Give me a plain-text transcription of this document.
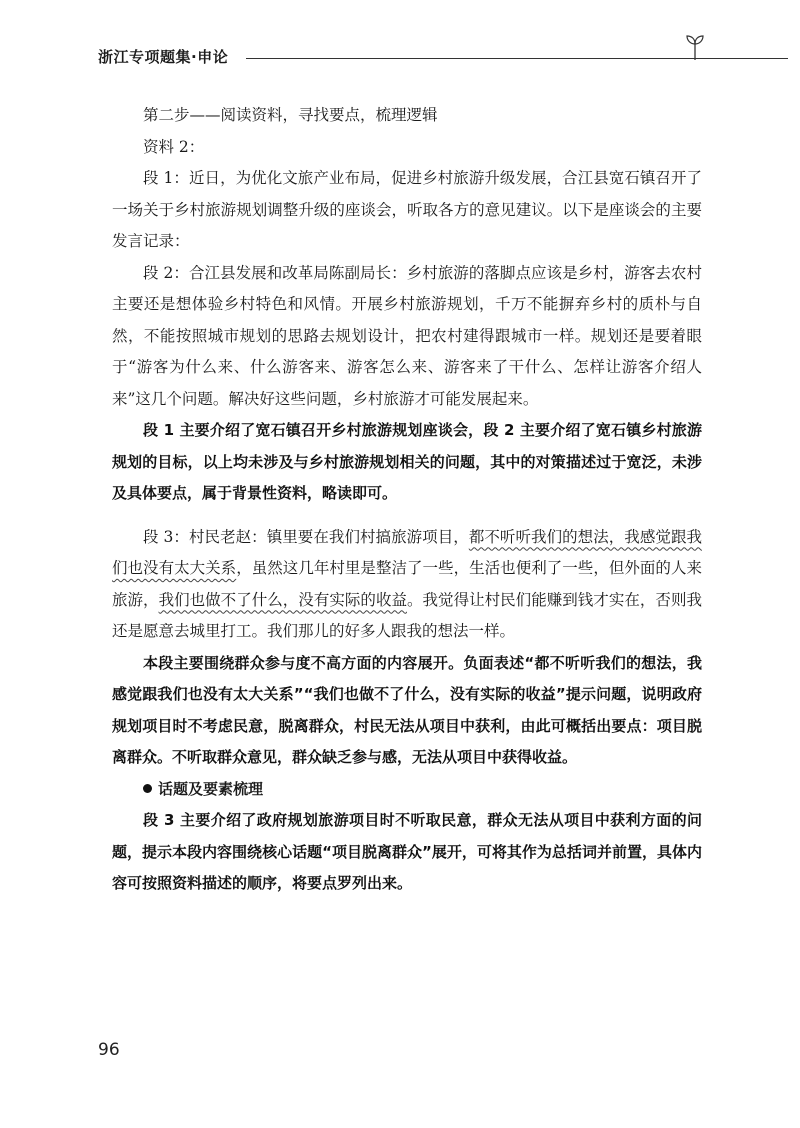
浙江专项题集·申论

第二步——阅读资料，寻找要点，梳理逻辑

资料 2：

段 1：近日，为优化文旅产业布局，促进乡村旅游升级发展，合江县宽石镇召开了一场关于乡村旅游规划调整升级的座谈会，听取各方的意见建议。以下是座谈会的主要发言记录：

段 2：合江县发展和改革局陈副局长：乡村旅游的落脚点应该是乡村，游客去农村主要还是想体验乡村特色和风情。开展乡村旅游规划，千万不能摒弃乡村的质朴与自然，不能按照城市规划的思路去规划设计，把农村建得跟城市一样。规划还是要着眼于“游客为什么来、什么游客来、游客怎么来、游客来了干什么、怎样让游客介绍人来”这几个问题。解决好这些问题，乡村旅游才可能发展起来。

段 1 主要介绍了宽石镇召开乡村旅游规划座谈会，段 2 主要介绍了宽石镇乡村旅游规划的目标，以上均未涉及与乡村旅游规划相关的问题，其中的对策描述过于宽泛，未涉及具体要点，属于背景性资料，略读即可。

段 3：村民老赵：镇里要在我们村搞旅游项目，都不听听我们的想法，我感觉跟我们也没有太大关系，虽然这几年村里是整洁了一些，生活也便利了一些，但外面的人来旅游，我们也做不了什么，没有实际的收益。我觉得让村民们能赚到钱才实在，否则我还是愿意去城里打工。我们那儿的好多人跟我的想法一样。

本段主要围绕群众参与度不高方面的内容展开。负面表述“都不听听我们的想法，我感觉跟我们也没有太大关系”“我们也做不了什么，没有实际的收益”提示问题，说明政府规划项目时不考虑民意，脱离群众，村民无法从项目中获利，由此可概括出要点：项目脱离群众。不听取群众意见，群众缺乏参与感，无法从项目中获得收益。

话题及要素梳理

段 3 主要介绍了政府规划旅游项目时不听取民意，群众无法从项目中获利方面的问题，提示本段内容围绕核心话题“项目脱离群众”展开，可将其作为总括词并前置，具体内容可按照资料描述的顺序，将要点罗列出来。

96
